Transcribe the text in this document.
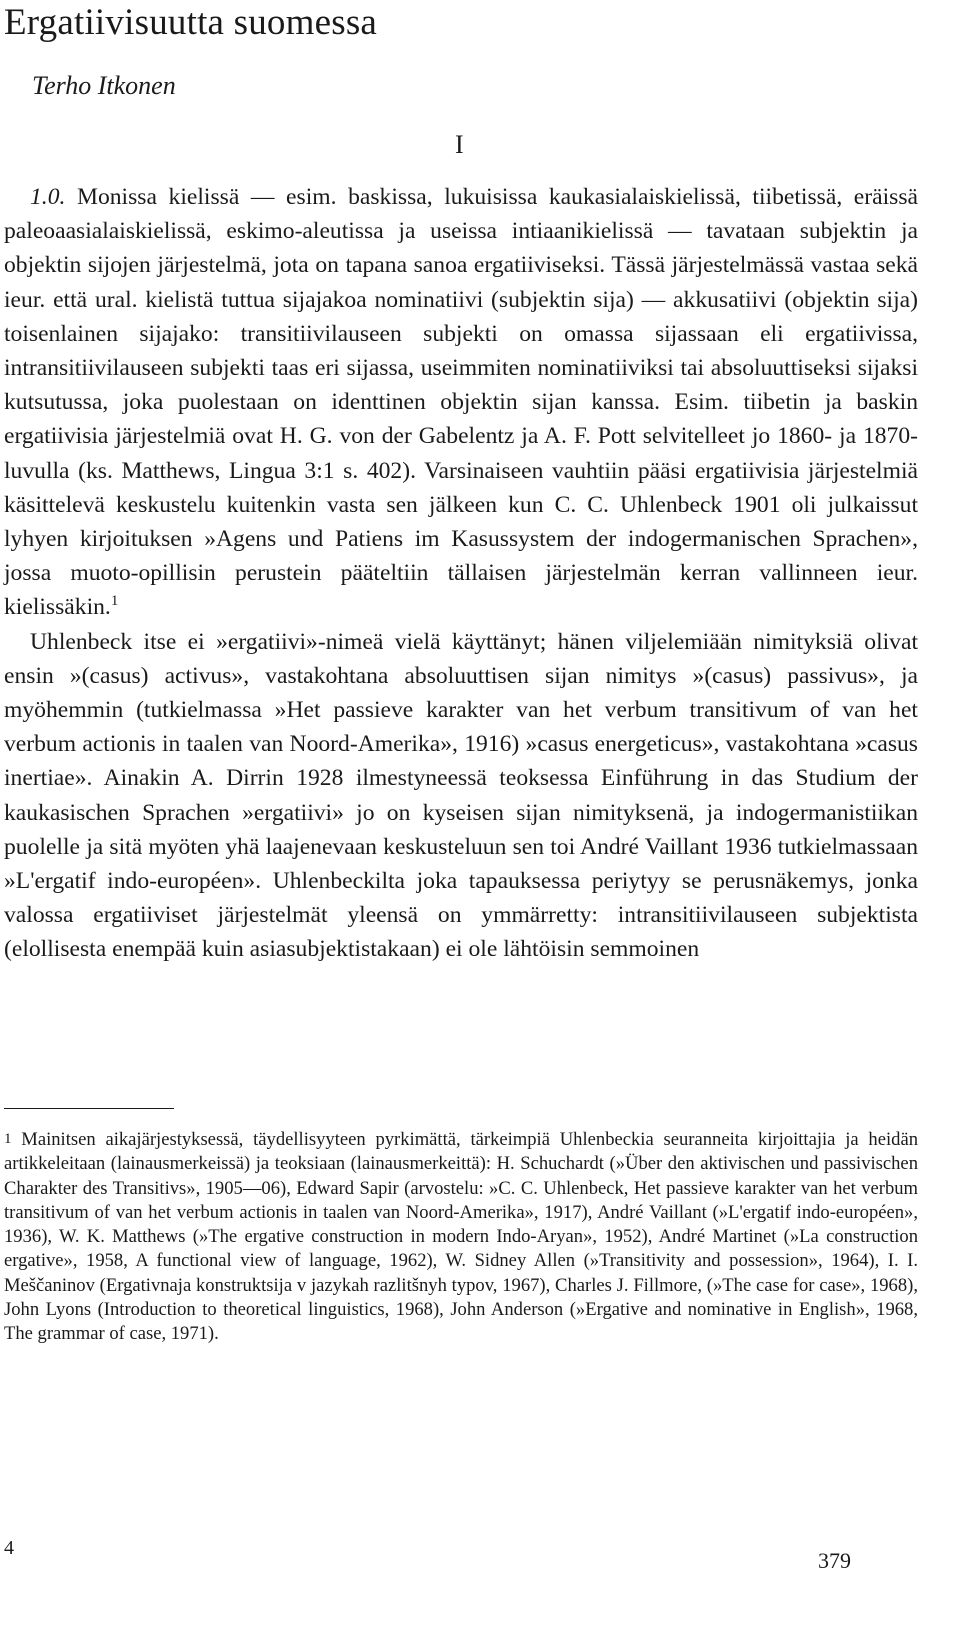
Ergatiivisuutta suomessa
Terho Itkonen
I

1.0. Monissa kielissä — esim. baskissa, lukuisissa kaukasialaiskielissä, tiibetissä, eräissä paleoaasialaiskielissä, eskimo-aleutissa ja useissa intiaanikielissä — tavataan subjektin ja objektin sijojen järjestelmä, jota on tapana sanoa ergatiiviseksi. Tässä järjestelmässä vastaa sekä ieur. että ural. kielistä tuttua sijajakoa nominatiivi (subjektin sija) — akkusatiivi (objektin sija) toisenlainen sijajako: transitiivilauseen subjekti on omassa sijassaan eli ergatiivissa, intransitiivilauseen subjekti taas eri sijassa, useimmiten nominatiiviksi tai absoluuttiseksi sijaksi kutsutussa, joka puolestaan on identtinen objektin sijan kanssa. Esim. tiibetin ja baskin ergatiivisia järjestelmiä ovat H. G. von der Gabelentz ja A. F. Pott selvitelleet jo 1860- ja 1870-luvulla (ks. Matthews, Lingua 3:1 s. 402). Varsinaiseen vauhtiin pääsi ergatiivisia järjestelmiä käsittelevä keskustelu kuitenkin vasta sen jälkeen kun C. C. Uhlenbeck 1901 oli julkaissut lyhyen kirjoituksen »Agens und Patiens im Kasussystem der indogermanischen Sprachen», jossa muoto-opillisin perustein pääteltiin tällaisen järjestelmän kerran vallinneen ieur. kielissäkin.$^1$

Uhlenbeck itse ei »ergatiivi»-nimeä vielä käyttänyt; hänen viljelemiään nimityksiä olivat ensin »(casus) activus», vastakohtana absoluuttisen sijan nimitys »(casus) passivus», ja myöhemmin (tutkielmassa »Het passieve karakter van het verbum transitivum of van het verbum actionis in taalen van Noord-Amerika», 1916) »casus energeticus», vastakohtana »casus inertiae». Ainakin A. Dirrin 1928 ilmestyneessä teoksessa Einführung in das Studium der kaukasischen Sprachen »ergatiivi» jo on kyseisen sijan nimityksenä, ja indogermanistiikan puolelle ja sitä myöten yhä laajenevaan keskusteluun sen toi André Vaillant 1936 tutkielmassaan »L'ergatif indo-européen». Uhlenbeckilta joka tapauksessa periytyy se perusnäkemys, jonka valossa ergatiiviset järjestelmät yleensä on ymmärretty: intransitiivilauseen subjektista (elollisesta enempää kuin asiasubjektistakaan) ei ole lähtöisin semmoinen

1 Mainitsen aikajärjestyksessä, täydellisyyteen pyrkimättä, tärkeimpiä Uhlenbeckia seuranneita kirjoittajia ja heidän artikkeleitaan (lainausmerkeissä) ja teoksiaan (lainausmerkeittä): H. Schuchardt (»Über den aktivischen und passivischen Charakter des Transitivs», 1905—06), Edward Sapir (arvostelu: »C. C. Uhlenbeck, Het passieve karakter van het verbum transitivum of van het verbum actionis in taalen van Noord-Amerika», 1917), André Vaillant (»L'ergatif indo-européen», 1936), W. K. Matthews (»The ergative construction in modern Indo-Aryan», 1952), André Martinet (»La construction ergative», 1958, A functional view of language, 1962), W. Sidney Allen (»Transitivity and possession», 1964), I. I. Meščaninov (Ergativnaja konstruktsija v jazykah razlitšnyh typov, 1967), Charles J. Fillmore, (»The case for case», 1968), John Lyons (Introduction to theoretical linguistics, 1968), John Anderson (»Ergative and nominative in English», 1968, The grammar of case, 1971).

4	379
